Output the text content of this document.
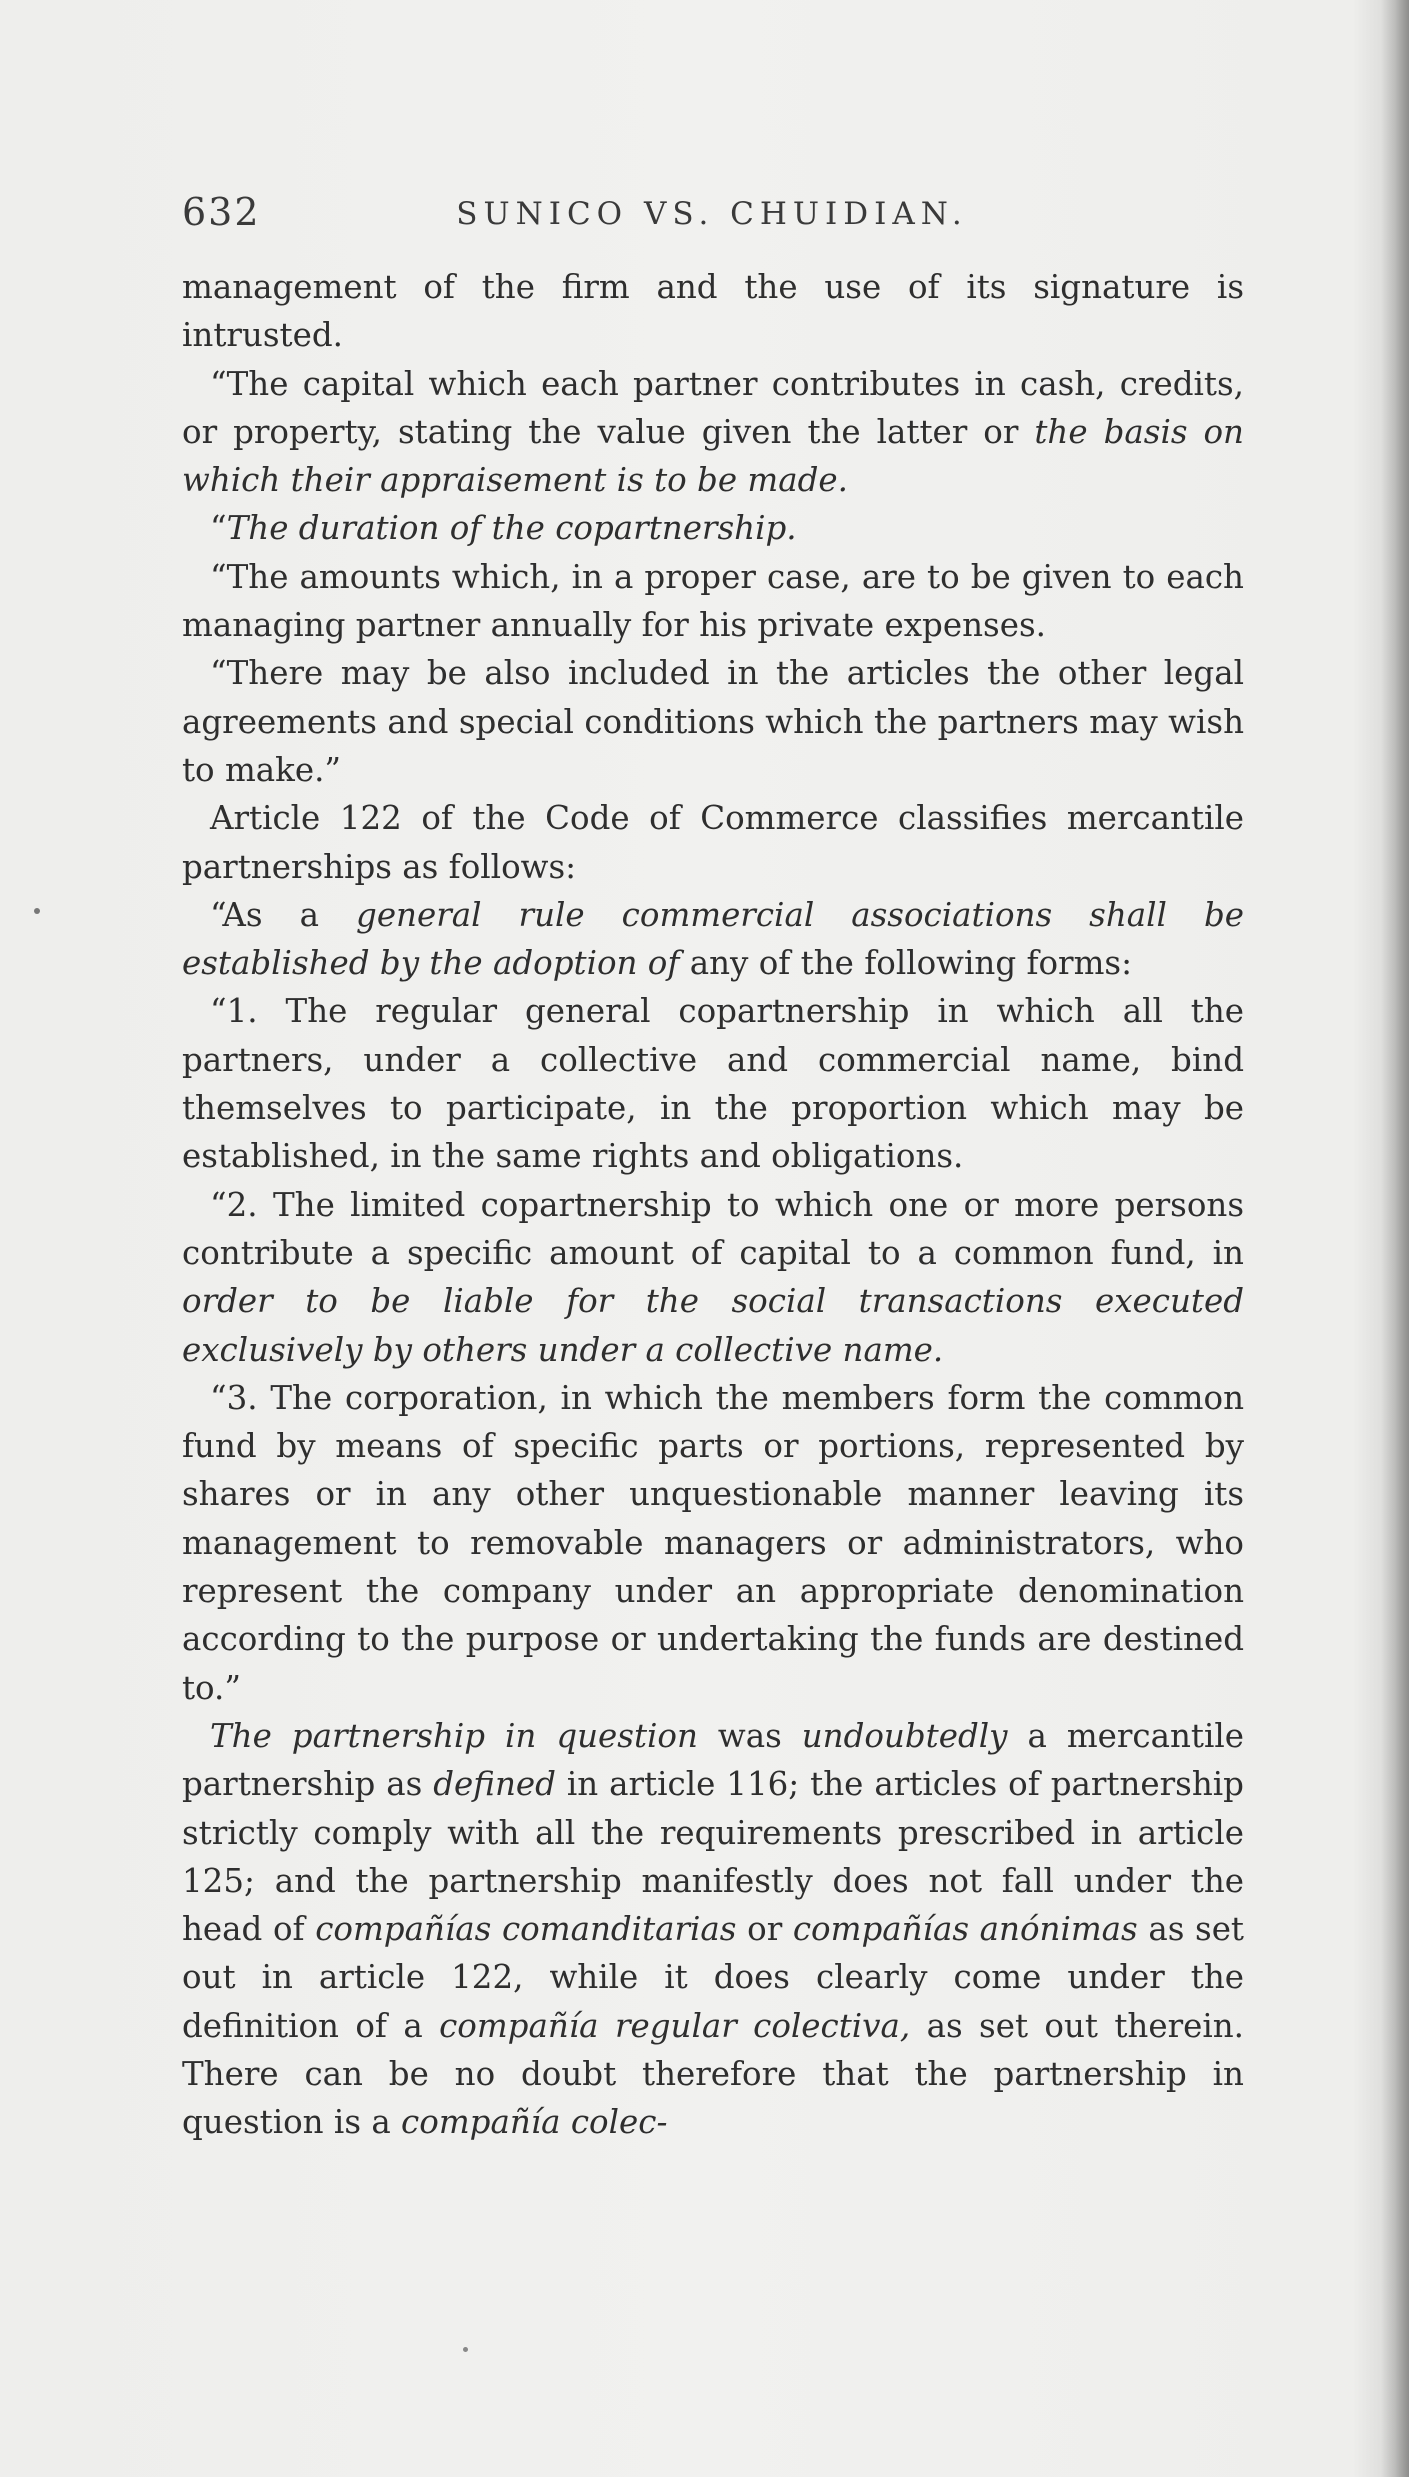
632	SUNICO VS. CHUIDIAN.

management of the firm and the use of its signature is intrusted.

“The capital which each partner contributes in cash, credits, or property, stating the value given the latter or the basis on which their appraisement is to be made.

“The duration of the copartnership.

“The amounts which, in a proper case, are to be given to each managing partner annually for his private expenses.

“There may be also included in the articles the other legal agreements and special conditions which the partners may wish to make.”

Article 122 of the Code of Commerce classifies mercantile partnerships as follows:

“As a general rule commercial associations shall be established by the adoption of any of the following forms:

“1. The regular general copartnership in which all the partners, under a collective and commercial name, bind themselves to participate, in the proportion which may be established, in the same rights and obligations.

“2. The limited copartnership to which one or more persons contribute a specific amount of capital to a common fund, in order to be liable for the social transactions executed exclusively by others under a collective name.

“3. The corporation, in which the members form the common fund by means of specific parts or portions, represented by shares or in any other unquestionable manner leaving its management to removable managers or administrators, who represent the company under an appropriate denomination according to the purpose or undertaking the funds are destined to.”

The partnership in question was undoubtedly a mercantile partnership as defined in article 116; the articles of partnership strictly comply with all the requirements prescribed in article 125; and the partnership manifestly does not fall under the head of compañías comanditarias or compañías anónimas as set out in article 122, while it does clearly come under the definition of a compañía regular colectiva, as set out therein. There can be no doubt therefore that the partnership in question is a compañía colec-
